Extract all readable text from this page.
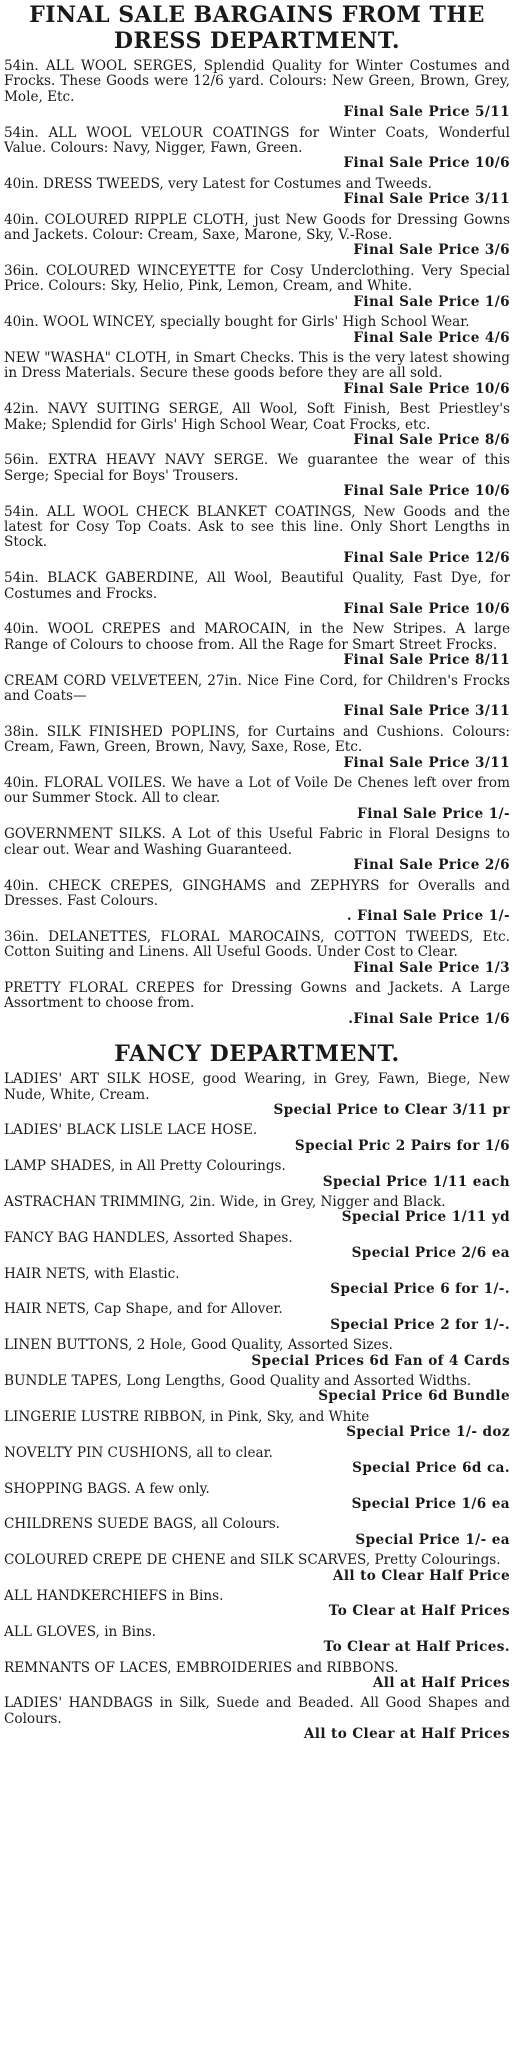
FINAL SALE BARGAINS FROM THE
DRESS DEPARTMENT.
54in. ALL WOOL SERGES, Splendid Quality for Winter Costumes and Frocks. These Goods were 12/6 yard. Colours: New Green, Brown, Grey, Mole, Etc.
Final Sale Price 5/11
54in. ALL WOOL VELOUR COATINGS for Winter Coats, Wonderful Value. Colours: Navy, Nigger, Fawn, Green.
Final Sale Price 10/6
40in. DRESS TWEEDS, very Latest for Costumes and Tweeds.
Final Sale Price 3/11
40in. COLOURED RIPPLE CLOTH, just New Goods for Dressing Gowns and Jackets. Colour: Cream, Saxe, Marone, Sky, V.-Rose.
Final Sale Price 3/6
36in. COLOURED WINCEYETTE for Cosy Underclothing. Very Special Price. Colours: Sky, Helio, Pink, Lemon, Cream, and White.
Final Sale Price 1/6
40in. WOOL WINCEY, specially bought for Girls' High School Wear.
Final Sale Price 4/6
NEW "WASHA" CLOTH, in Smart Checks. This is the very latest showing in Dress Materials. Secure these goods before they are all sold.
Final Sale Price 10/6
42in. NAVY SUITING SERGE, All Wool, Soft Finish, Best Priestley's Make; Splendid for Girls' High School Wear, Coat Frocks, etc.
Final Sale Price 8/6
56in. EXTRA HEAVY NAVY SERGE. We guarantee the wear of this Serge; Special for Boys' Trousers.
Final Sale Price 10/6
54in. ALL WOOL CHECK BLANKET COATINGS, New Goods and the latest for Cosy Top Coats. Ask to see this line. Only Short Lengths in Stock.
Final Sale Price 12/6
54in. BLACK GABERDINE, All Wool, Beautiful Quality, Fast Dye, for Costumes and Frocks.
Final Sale Price 10/6
40in. WOOL CREPES and MAROCAIN, in the New Stripes. A large Range of Colours to choose from. All the Rage for Smart Street Frocks.
Final Sale Price 8/11
CREAM CORD VELVETEEN, 27in. Nice Fine Cord, for Children's Frocks and Coats—
Final Sale Price 3/11
38in. SILK FINISHED POPLINS, for Curtains and Cushions. Colours: Cream, Fawn, Green, Brown, Navy, Saxe, Rose, Etc.
Final Sale Price 3/11
40in. FLORAL VOILES. We have a Lot of Voile De Chenes left over from our Summer Stock. All to clear.
Final Sale Price 1/-
GOVERNMENT SILKS. A Lot of this Useful Fabric in Floral Designs to clear out. Wear and Washing Guaranteed.
Final Sale Price 2/6
40in. CHECK CREPES, GINGHAMS and ZEPHYRS for Overalls and Dresses. Fast Colours.
. Final Sale Price 1/-
36in. DELANETTES, FLORAL MAROCAINS, COTTON TWEEDS, Etc. Cotton Suiting and Linens. All Useful Goods. Under Cost to Clear.
Final Sale Price 1/3
PRETTY FLORAL CREPES for Dressing Gowns and Jackets. A Large Assortment to choose from.
.Final Sale Price 1/6
FANCY DEPARTMENT.
LADIES' ART SILK HOSE, good Wearing, in Grey, Fawn, Biege, New Nude, White, Cream.
Special Price to Clear 3/11 pr
LADIES' BLACK LISLE LACE HOSE.
Special Pric 2 Pairs for 1/6
LAMP SHADES, in All Pretty Colourings.
Special Price 1/11 each
ASTRACHAN TRIMMING, 2in. Wide, in Grey, Nigger and Black.
Special Price 1/11 yd
FANCY BAG HANDLES, Assorted Shapes.
Special Price 2/6 ea
HAIR NETS, with Elastic.
Special Price 6 for 1/-.
HAIR NETS, Cap Shape, and for Allover.
Special Price 2 for 1/-.
LINEN BUTTONS, 2 Hole, Good Quality, Assorted Sizes.
Special Prices 6d Fan of 4 Cards
BUNDLE TAPES, Long Lengths, Good Quality and Assorted Widths.
Special Price 6d Bundle
LINGERIE LUSTRE RIBBON, in Pink, Sky, and White
Special Price 1/- doz
NOVELTY PIN CUSHIONS, all to clear.
Special Price 6d ca.
SHOPPING BAGS. A few only.
Special Price 1/6 ea
CHILDRENS SUEDE BAGS, all Colours.
Special Price 1/- ea
COLOURED CREPE DE CHENE and SILK SCARVES, Pretty Colourings.
All to Clear Half Price
ALL HANDKERCHIEFS in Bins.
To Clear at Half Prices
ALL GLOVES, in Bins.
To Clear at Half Prices.
REMNANTS OF LACES, EMBROIDERIES and RIBBONS.
All at Half Prices
LADIES' HANDBAGS in Silk, Suede and Beaded. All Good Shapes and Colours.
All to Clear at Half Prices
